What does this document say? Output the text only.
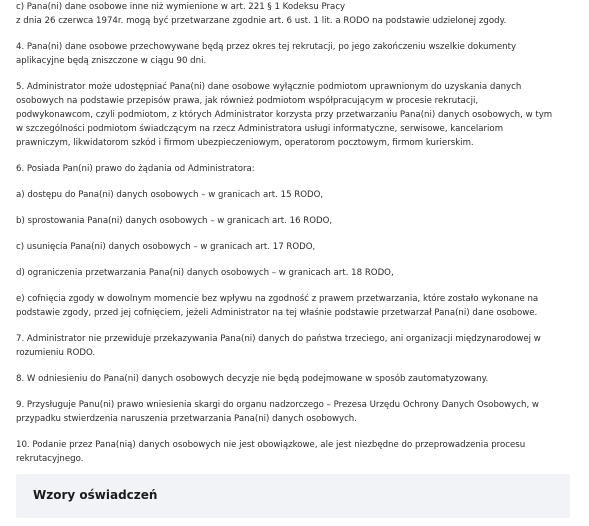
c) Pana(ni) dane osobowe inne niż wymienione w art. 221 § 1 Kodeksu Pracy
z dnia 26 czerwca 1974r. mogą być przetwarzane zgodnie art. 6 ust. 1 lit. a RODO na podstawie udzielonej zgody.
4. Pana(ni) dane osobowe przechowywane będą przez okres tej rekrutacji, po jego zakończeniu wszelkie dokumenty
aplikacyjne będą zniszczone w ciągu 90 dni.
5. Administrator może udostępniać Pana(ni) dane osobowe wyłącznie podmiotom uprawnionym do uzyskania danych
osobowych na podstawie przepisów prawa, jak również podmiotom współpracującym w procesie rekrutacji,
podwykonawcom, czyli podmiotom, z których Administrator korzysta przy przetwarzaniu Pana(ni) danych osobowych, w tym
w szczególności podmiotom świadczącym na rzecz Administratora usługi informatyczne, serwisowe, kancelariom
prawniczym, likwidatorom szkód i firmom ubezpieczeniowym, operatorom pocztowym, firmom kurierskim.
6. Posiada Pan(ni) prawo do żądania od Administratora:
a) dostępu do Pana(ni) danych osobowych – w granicach art. 15 RODO,
b) sprostowania Pana(ni) danych osobowych – w granicach art. 16 RODO,
c) usunięcia Pana(ni) danych osobowych – w granicach art. 17 RODO,
d) ograniczenia przetwarzania Pana(ni) danych osobowych – w granicach art. 18 RODO,
e) cofnięcia zgody w dowolnym momencie bez wpływu na zgodność z prawem przetwarzania, które zostało wykonane na
podstawie zgody, przed jej cofnięciem, jeżeli Administrator na tej właśnie podstawie przetwarzał Pana(ni) dane osobowe.
7. Administrator nie przewiduje przekazywania Pana(ni) danych do państwa trzeciego, ani organizacji międzynarodowej w
rozumieniu RODO.
8. W odniesieniu do Pana(ni) danych osobowych decyzje nie będą podejmowane w sposób zautomatyzowany.
9. Przysługuje Panu(ni) prawo wniesienia skargi do organu nadzorczego – Prezesa Urzędu Ochrony Danych Osobowych, w
przypadku stwierdzenia naruszenia przetwarzania Pana(ni) danych osobowych.
10. Podanie przez Pana(nią) danych osobowych nie jest obowiązkowe, ale jest niezbędne do przeprowadzenia procesu
rekrutacyjnego.
Wzory oświadczeń
